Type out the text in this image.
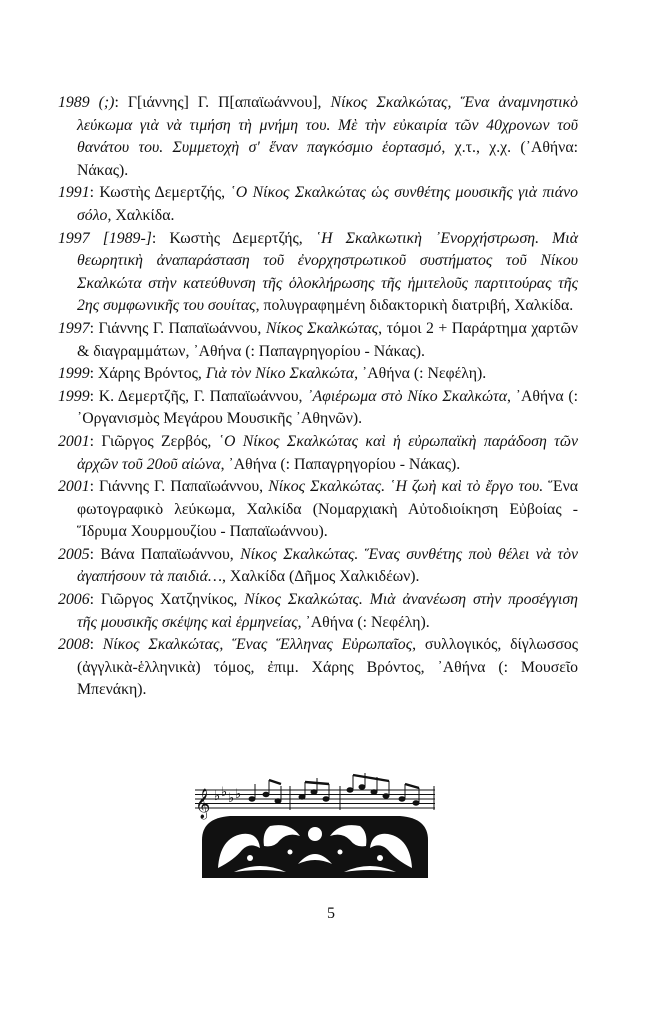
1989 (;): Γ[ιάννης] Γ. Π[απαϊωάννου], Νίκος Σκαλκώτας, Ἕνα ἀναμνηστικὸ λεύκωμα γιὰ νὰ τιμήση τὴ μνήμη του. Μὲ τὴν εὐκαιρία τῶν 40χρονων τοῦ θανάτου του. Συμμετοχὴ σ' ἕναν παγκόσμιο ἑορτασμό, χ.τ., χ.χ. (᾿Αθήνα: Νάκας).

1991: Κωστὴς Δεμερτζής, ῾Ο Νίκος Σκαλκώτας ὡς συνθέτης μουσικῆς γιὰ πιάνο σόλο, Χαλκίδα.

1997 [1989-]: Κωστὴς Δεμερτζής, ῾Η Σκαλκωτικὴ ᾿Ενορχήστρωση. Μιὰ θεωρητικὴ ἀναπαράσταση τοῦ ἐνορχηστρωτικοῦ συστήματος τοῦ Νίκου Σκαλκώτα στὴν κατεύθυνση τῆς ὁλοκλήρωσης τῆς ἡμιτελοῦς παρτιτούρας τῆς 2ης συμφωνικῆς του σουίτας, πολυγραφημένη διδακτορικὴ διατριβή, Χαλκίδα.

1997: Γιάννης Γ. Παπαϊωάννου, Νίκος Σκαλκώτας, τόμοι 2 + Παράρτημα χαρτῶν & διαγραμμάτων, ᾿Αθήνα (: Παπαγρηγορίου - Νάκας).

1999: Χάρης Βρόντος, Γιὰ τὸν Νίκο Σκαλκώτα, ᾿Αθήνα (: Νεφέλη).

1999: Κ. Δεμερτζῆς, Γ. Παπαϊωάννου, ᾿Αφιέρωμα στὸ Νίκο Σκαλκώτα, ᾿Αθήνα (: ᾿Οργανισμὸς Μεγάρου Μουσικῆς ᾿Αθηνῶν).

2001: Γιῶργος Ζερβός, ῾Ο Νίκος Σκαλκώτας καὶ ἡ εὐρωπαϊκὴ παράδοση τῶν ἀρχῶν τοῦ 20οῦ αἰώνα, ᾿Αθήνα (: Παπαγρηγορίου - Νάκας).

2001: Γιάννης Γ. Παπαϊωάννου, Νίκος Σκαλκώτας. ῾Η ζωὴ καὶ τὸ ἔργο του. Ἕνα φωτογραφικὸ λεύκωμα, Χαλκίδα (Νομαρχιακὴ Αὐτοδιοίκηση Εὐβοίας - Ἵδρυμα Χουρμουζίου - Παπαϊωάννου).

2005: Βάνα Παπαϊωάννου, Νίκος Σκαλκώτας. Ἕνας συνθέτης ποὺ θέλει νὰ τὸν ἀγαπήσουν τὰ παιδιά…, Χαλκίδα (Δῆμος Χαλκιδέων).

2006: Γιῶργος Χατζηνίκος, Νίκος Σκαλκώτας. Μιὰ ἀνανέωση στὴν προσέγγιση τῆς μουσικῆς σκέψης καὶ ἑρμηνείας, ᾿Αθήνα (: Νεφέλη).

2008: Νίκος Σκαλκώτας, Ἕνας Ἕλληνας Εὐρωπαῖος, συλλογικός, δίγλωσσος (ἀγγλικὰ-ἑλληνικὰ) τόμος, ἐπιμ. Χάρης Βρόντος, ᾿Αθήνα (: Μουσεῖο Μπενάκη).

𝄞 ♭ ♭ ♭ ♭
5
